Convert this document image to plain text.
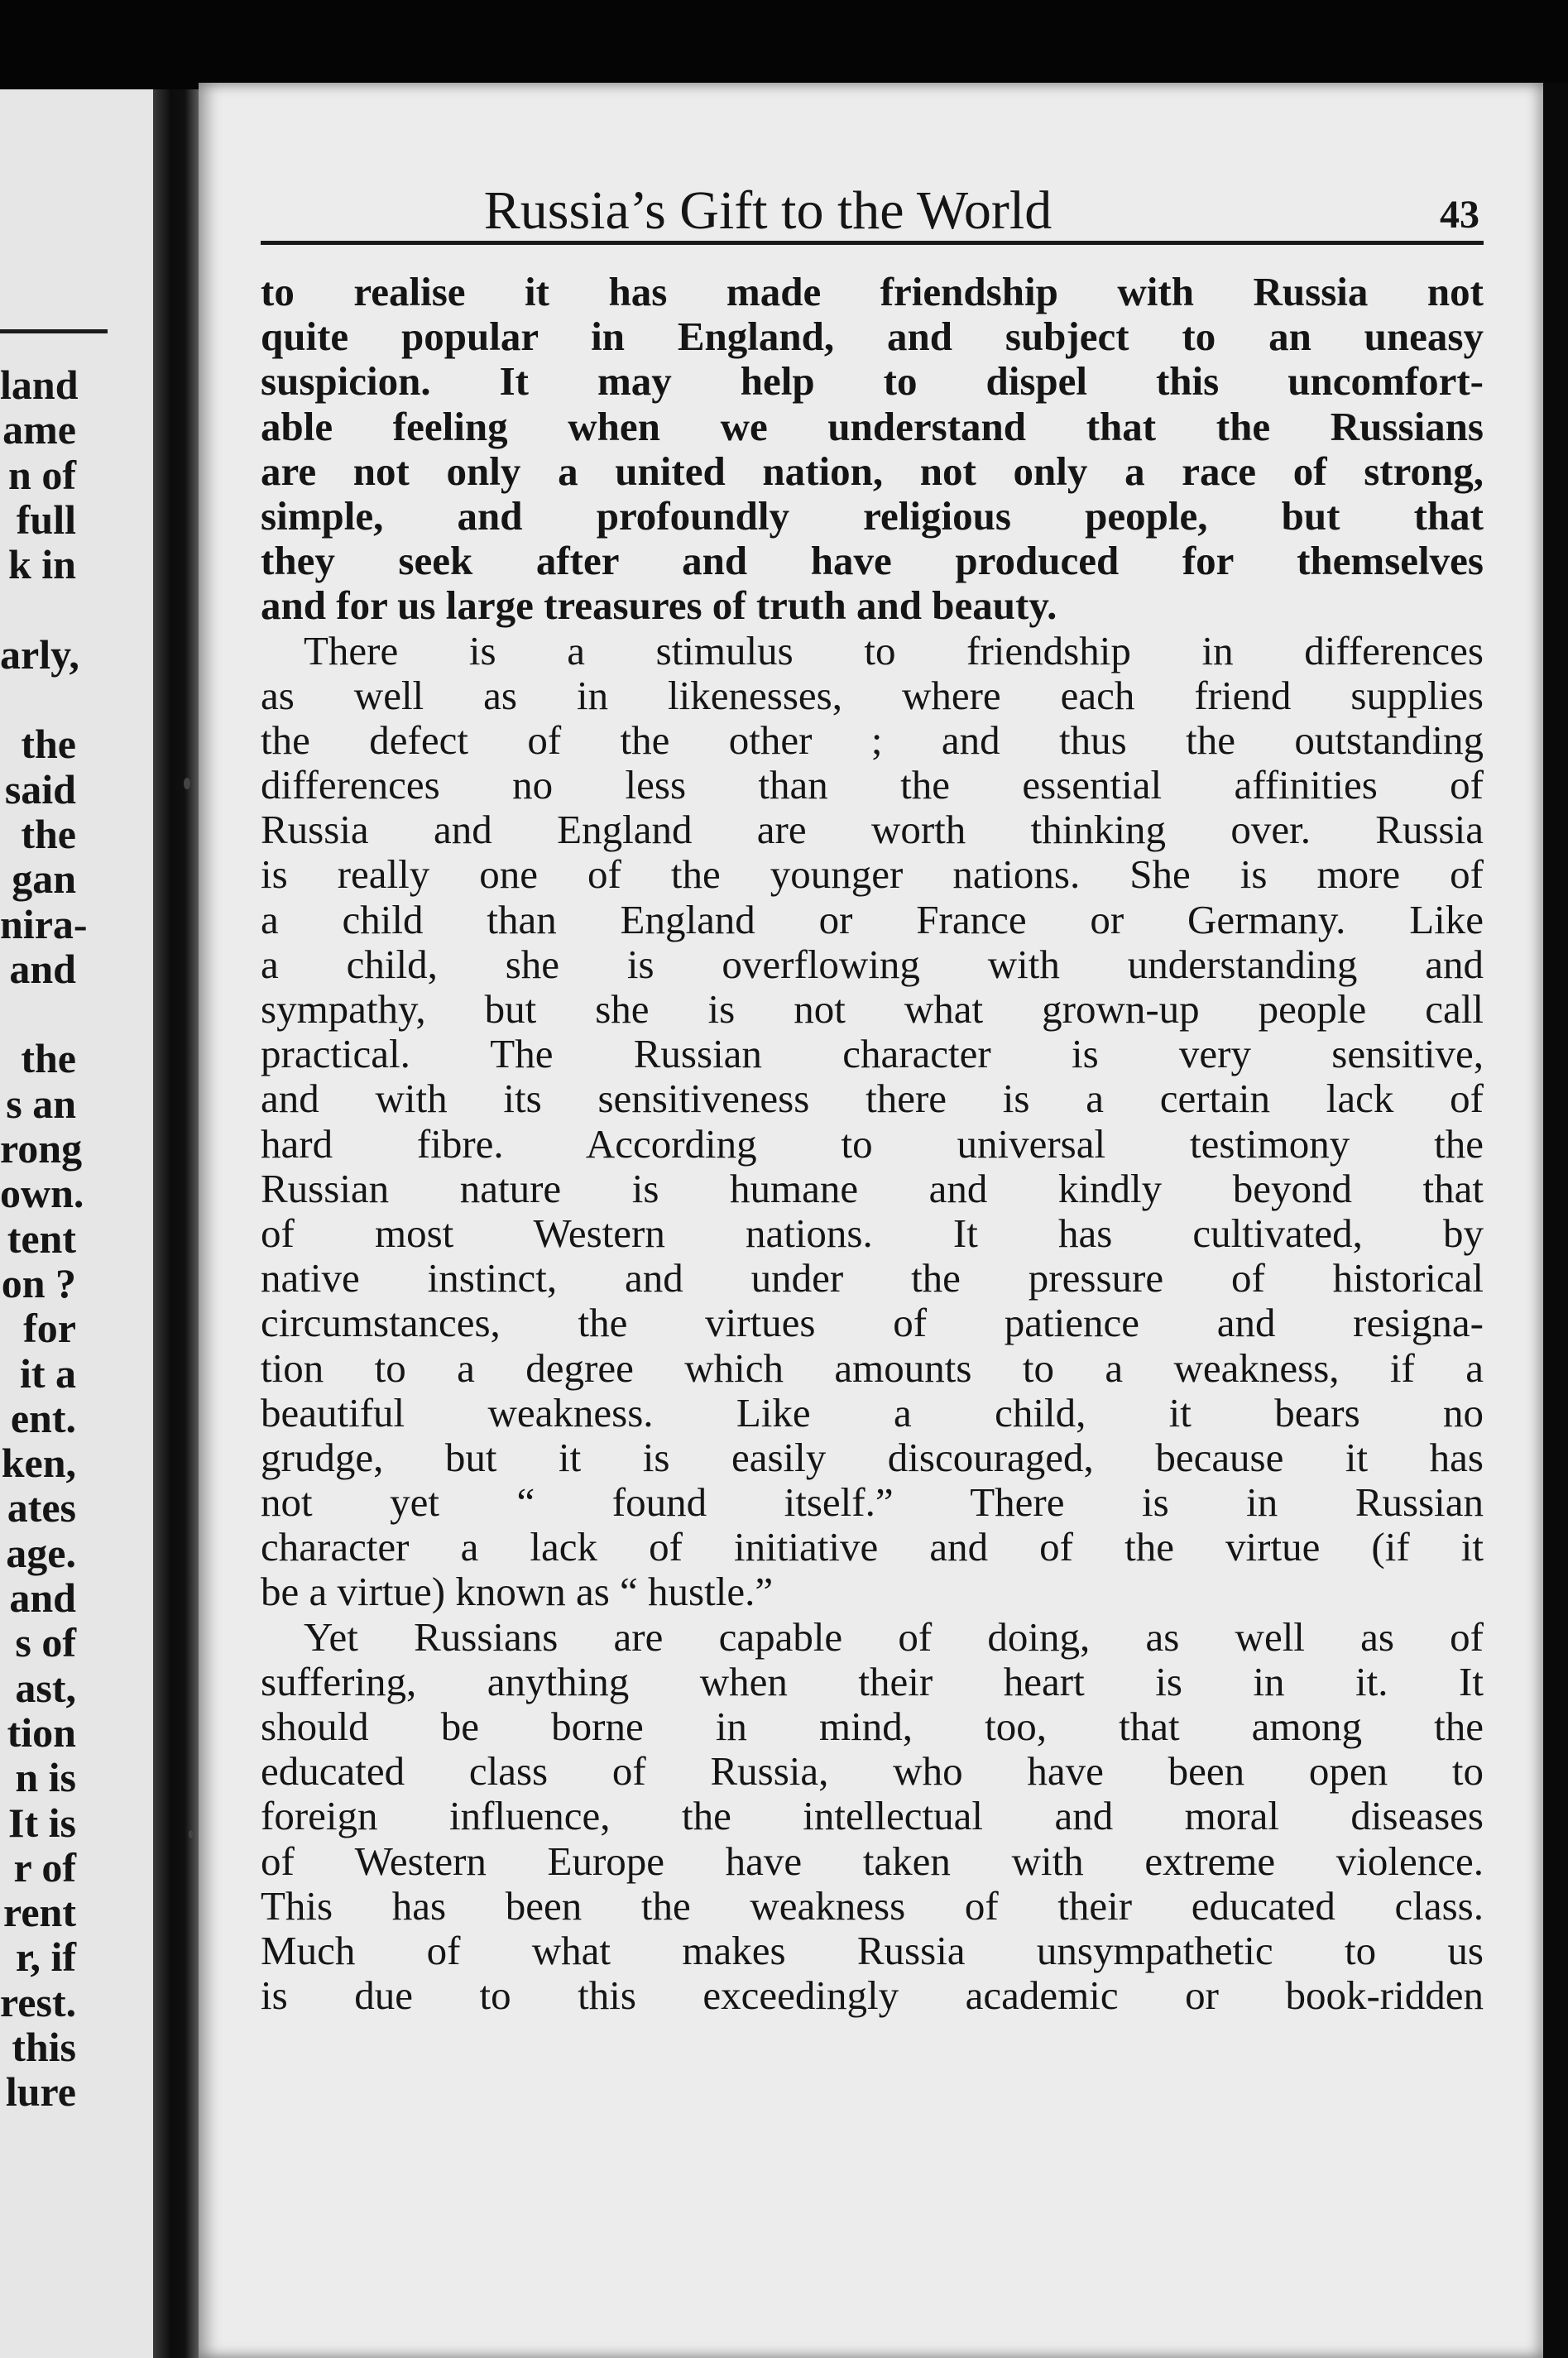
land
ame
n of
full
k in
arly,
the
said
the
gan
nira-
and
the
s an
rong
own.
tent
on ?
for
it a
ent.
ken,
ates
age.
and
s of
ast,
tion
n is
It is
r of
rent
r, if
rest.
this
lure
Russia’s Gift to the World	43
to realise it has made friendship with Russia not
quite popular in England, and subject to an uneasy
suspicion. It may help to dispel this uncomfort-
able feeling when we understand that the Russians
are not only a united nation, not only a race of strong,
simple, and profoundly religious people, but that
they seek after and have produced for themselves
and for us large treasures of truth and beauty.
There is a stimulus to friendship in differences
as well as in likenesses, where each friend supplies
the defect of the other ; and thus the outstanding
differences no less than the essential affinities of
Russia and England are worth thinking over. Russia
is really one of the younger nations. She is more of
a child than England or France or Germany. Like
a child, she is overflowing with understanding and
sympathy, but she is not what grown-up people call
practical. The Russian character is very sensitive,
and with its sensitiveness there is a certain lack of
hard fibre. According to universal testimony the
Russian nature is humane and kindly beyond that
of most Western nations. It has cultivated, by
native instinct, and under the pressure of historical
circumstances, the virtues of patience and resigna-
tion to a degree which amounts to a weakness, if a
beautiful weakness. Like a child, it bears no
grudge, but it is easily discouraged, because it has
not yet “ found itself.” There is in Russian
character a lack of initiative and of the virtue (if it
be a virtue) known as “ hustle.”
Yet Russians are capable of doing, as well as of
suffering, anything when their heart is in it. It
should be borne in mind, too, that among the
educated class of Russia, who have been open to
foreign influence, the intellectual and moral diseases
of Western Europe have taken with extreme violence.
This has been the weakness of their educated class.
Much of what makes Russia unsympathetic to us
is due to this exceedingly academic or book-ridden
